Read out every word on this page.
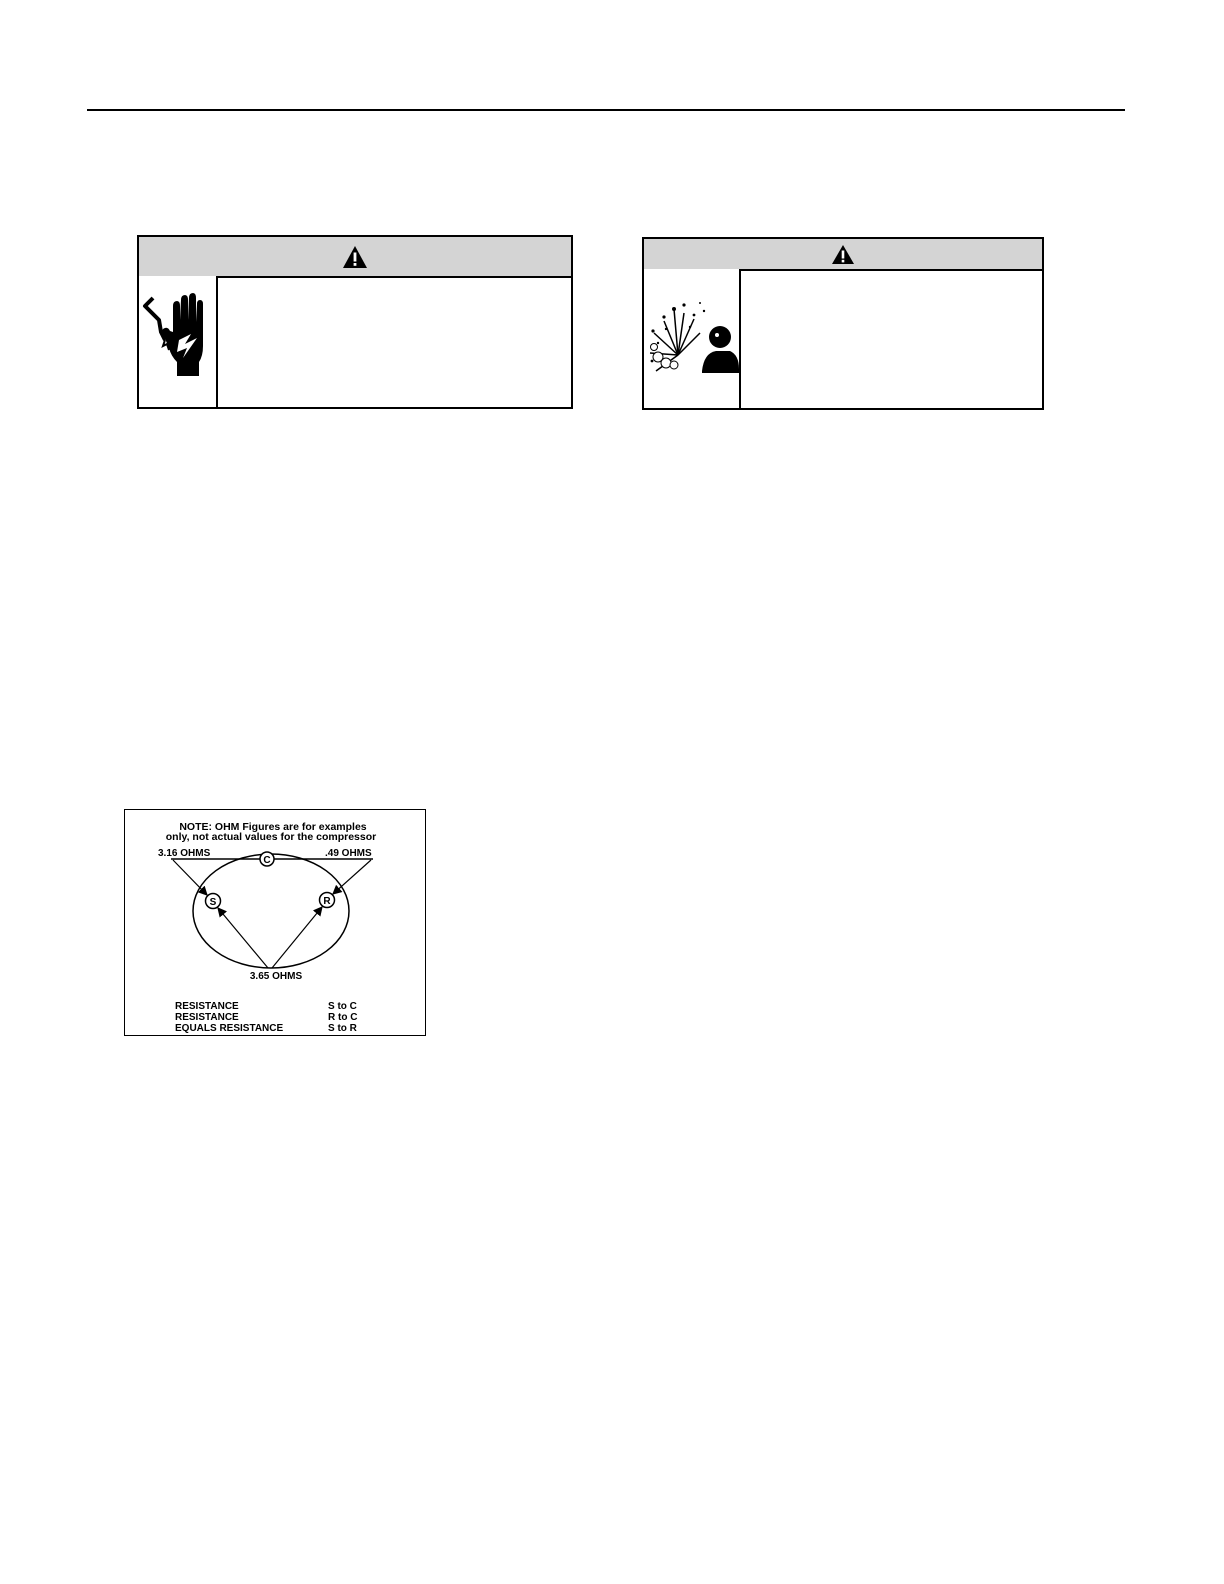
NOTE: OHM Figures are for examples
only, not actual values for the compressor
C
S	R
3.16 OHMS	.49 OHMS
3.65 OHMS
RESISTANCE	S to C
RESISTANCE	R to C
EQUALS RESISTANCE	S to R
